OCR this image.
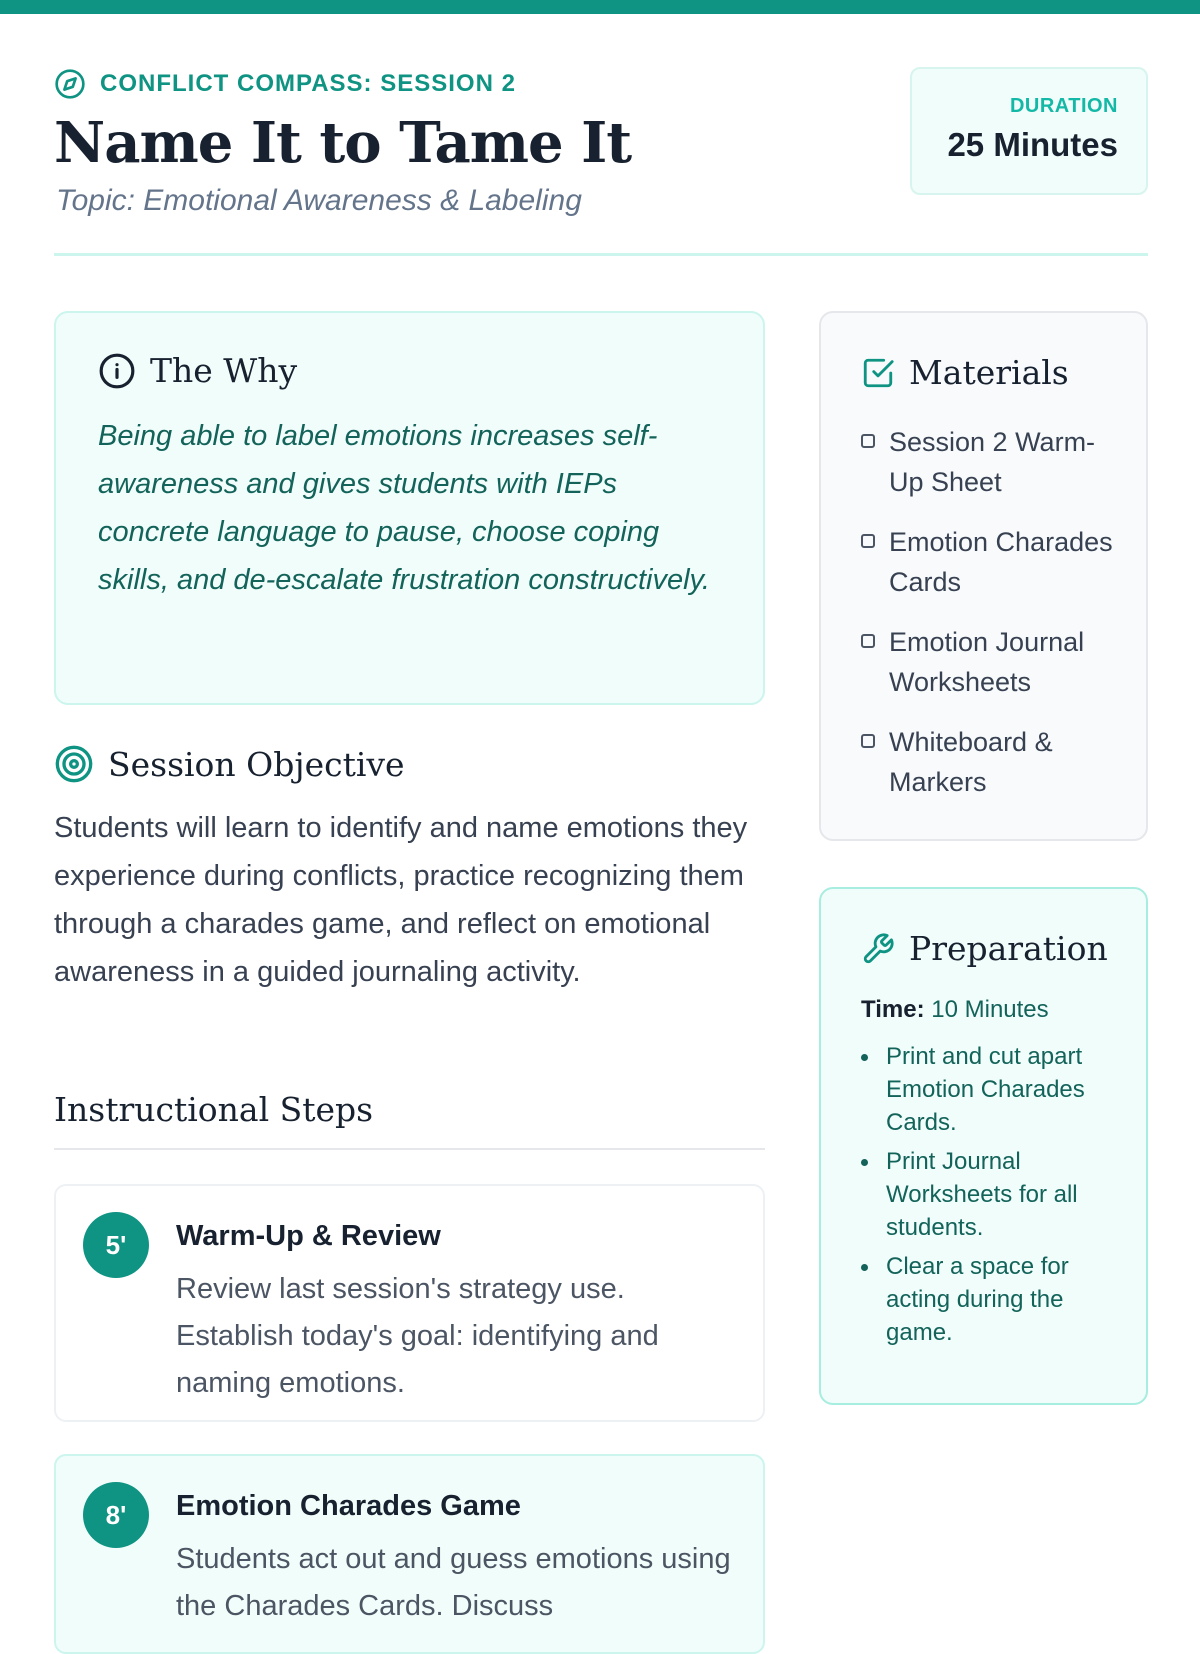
CONFLICT COMPASS: SESSION 2
Name It to Tame It
Topic: Emotional Awareness & Labeling
DURATION
25 Minutes
The Why

Being able to label emotions increases self-awareness and gives students with IEPs concrete language to pause, choose coping skills, and de-escalate frustration constructively.

Session Objective

Students will learn to identify and name emotions they experience during conflicts, practice recognizing them through a charades game, and reflect on emotional awareness in a guided journaling activity.

Instructional Steps
5'	Warm-Up & Review

Review last session's strategy use. Establish today's goal: identifying and naming emotions.

8'	Emotion Charades Game

Students act out and guess emotions using the Charades Cards. Discuss

Materials
Session 2 Warm-Up Sheet
Emotion Charades Cards
Emotion Journal Worksheets
Whiteboard & Markers
Preparation
Time: 10 Minutes
Print and cut apart Emotion Charades Cards.
Print Journal Worksheets for all students.
Clear a space for acting during the game.
